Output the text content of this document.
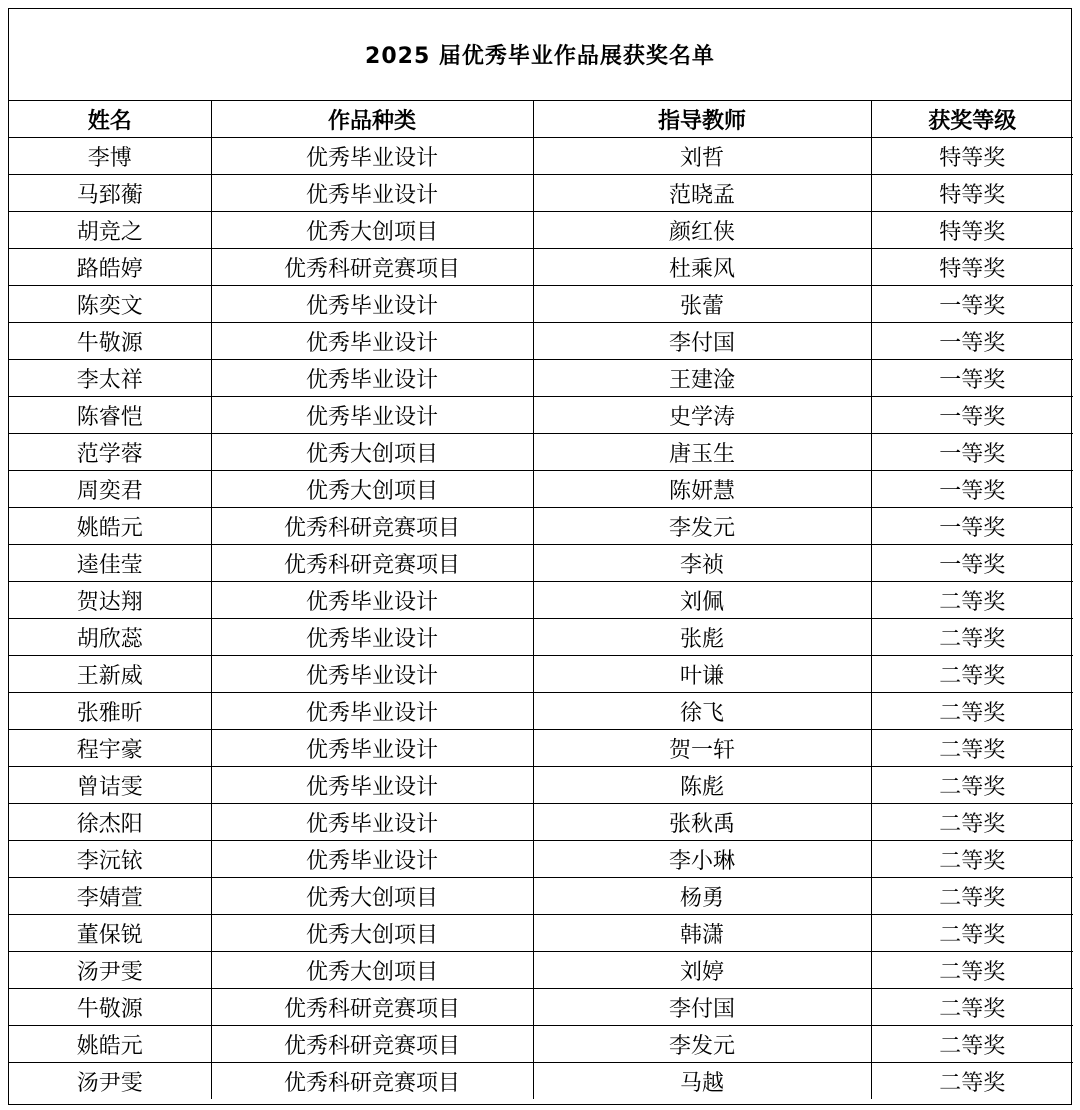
2025 届优秀毕业作品展获奖名单
姓名	作品种类	指导教师	获奖等级
李博	优秀毕业设计	刘哲	特等奖
马郅蘅	优秀毕业设计	范晓孟	特等奖
胡竞之	优秀大创项目	颜红侠	特等奖
路皓婷	优秀科研竞赛项目	杜乘风	特等奖
陈奕文	优秀毕业设计	张蕾	一等奖
牛敬源	优秀毕业设计	李付国	一等奖
李太祥	优秀毕业设计	王建淦	一等奖
陈睿恺	优秀毕业设计	史学涛	一等奖
范学蓉	优秀大创项目	唐玉生	一等奖
周奕君	优秀大创项目	陈妍慧	一等奖
姚皓元	优秀科研竞赛项目	李发元	一等奖
逵佳莹	优秀科研竞赛项目	李祯	一等奖
贺达翔	优秀毕业设计	刘佩	二等奖
胡欣蕊	优秀毕业设计	张彪	二等奖
王新威	优秀毕业设计	叶谦	二等奖
张雅昕	优秀毕业设计	徐飞	二等奖
程宇豪	优秀毕业设计	贺一轩	二等奖
曾诘雯	优秀毕业设计	陈彪	二等奖
徐杰阳	优秀毕业设计	张秋禹	二等奖
李沅铱	优秀毕业设计	李小琳	二等奖
李婧萱	优秀大创项目	杨勇	二等奖
董保锐	优秀大创项目	韩潇	二等奖
汤尹雯	优秀大创项目	刘婷	二等奖
牛敬源	优秀科研竞赛项目	李付国	二等奖
姚皓元	优秀科研竞赛项目	李发元	二等奖
汤尹雯	优秀科研竞赛项目	马越	二等奖
